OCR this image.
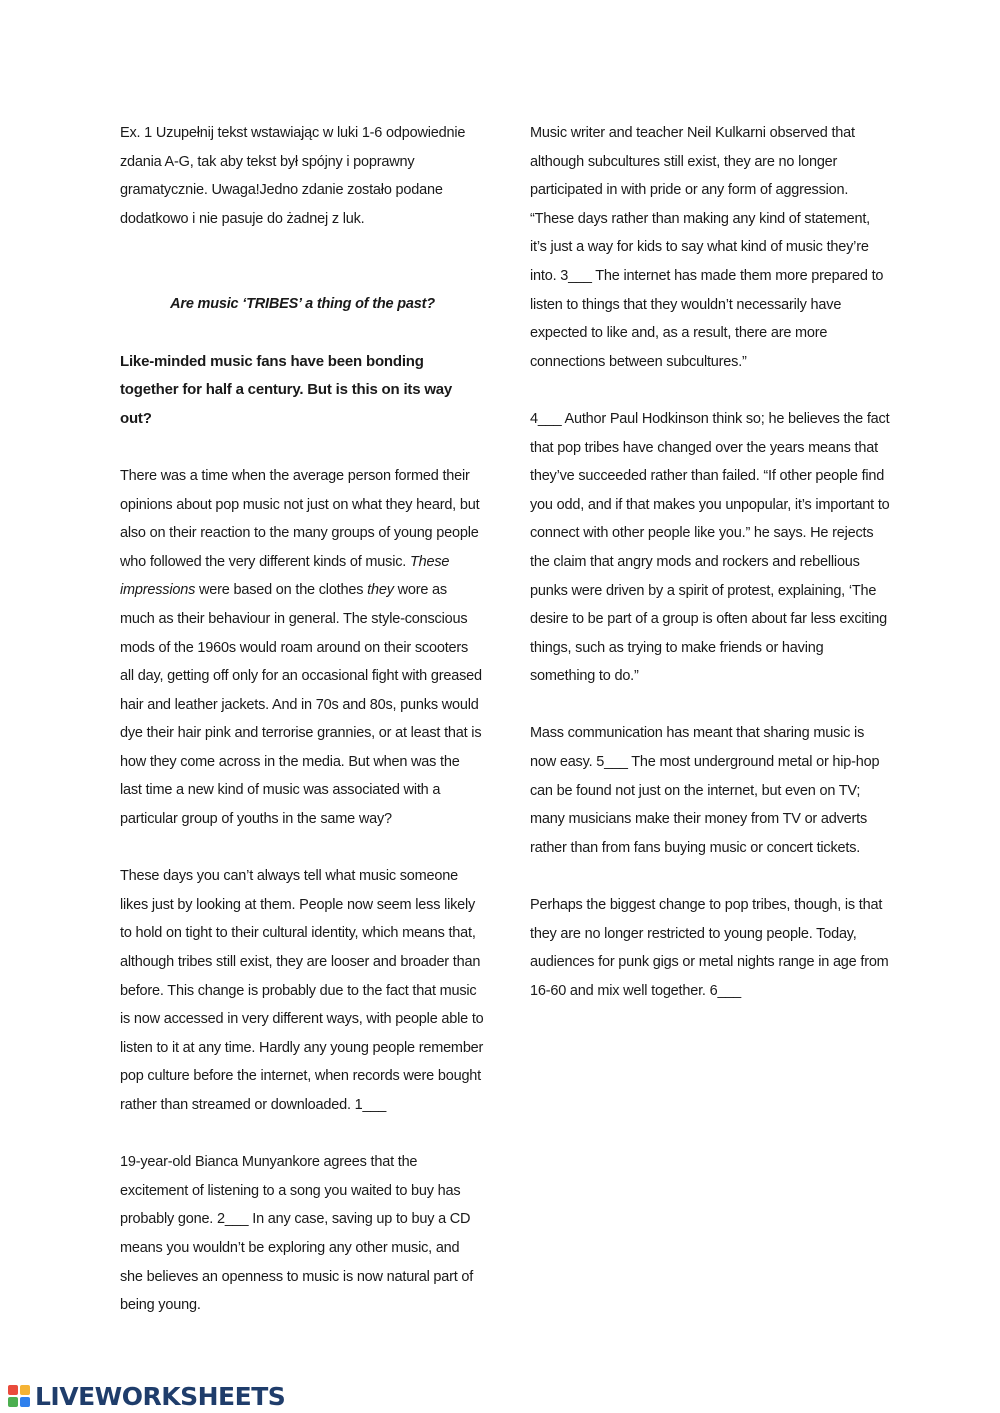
Ex. 1 Uzupełnij tekst wstawiając w luki 1-6 odpowiednie zdania A-G, tak aby tekst był spójny i poprawny gramatycznie. Uwaga!Jedno zdanie zostało podane dodatkowo i nie pasuje do żadnej z luk.

Are music ‘TRIBES’ a thing of the past?

Like-minded music fans have been bonding together for half a century. But is this on its way out?

There was a time when the average person formed their opinions about pop music not just on what they heard, but also on their reaction to the many groups of young people who followed the very different kinds of music. These impressions were based on the clothes they wore as much as their behaviour in general. The style-conscious mods of the 1960s would roam around on their scooters all day, getting off only for an occasional fight with greased hair and leather jackets. And in 70s and 80s, punks would dye their hair pink and terrorise grannies, or at least that is how they come across in the media. But when was the last time a new kind of music was associated with a particular group of youths in the same way?

These days you can’t always tell what music someone likes just by looking at them. People now seem less likely to hold on tight to their cultural identity, which means that, although tribes still exist, they are looser and broader than before. This change is probably due to the fact that music is now accessed in very different ways, with people able to listen to it at any time. Hardly any young people remember pop culture before the internet, when records were bought rather than streamed or downloaded. 1___

19-year-old Bianca Munyankore agrees that the excitement of listening to a song you waited to buy has probably gone. 2___ In any case, saving up to buy a CD means you wouldn’t be exploring any other music, and she believes an openness to music is now natural part of being young.

Music writer and teacher Neil Kulkarni observed that although subcultures still exist, they are no longer participated in with pride or any form of aggression. “These days rather than making any kind of statement, it’s just a way for kids to say what kind of music they’re into. 3___ The internet has made them more prepared to listen to things that they wouldn’t necessarily have expected to like and, as a result, there are more connections between subcultures.”

4___ Author Paul Hodkinson think so; he believes the fact that pop tribes have changed over the years means that they’ve succeeded rather than failed. “If other people find you odd, and if that makes you unpopular, it’s important to connect with other people like you.” he says. He rejects the claim that angry mods and rockers and rebellious punks were driven by a spirit of protest, explaining, ‘The desire to be part of a group is often about far less exciting things, such as trying to make friends or having something to do.”

Mass communication has meant that sharing music is now easy. 5___ The most underground metal or hip-hop can be found not just on the internet, but even on TV; many musicians make their money from TV or adverts rather than from fans buying music or concert tickets.

Perhaps the biggest change to pop tribes, though, is that they are no longer restricted to young people. Today, audiences for punk gigs or metal nights range in age from 16-60 and mix well together. 6___

LIVEWORKSHEETS
